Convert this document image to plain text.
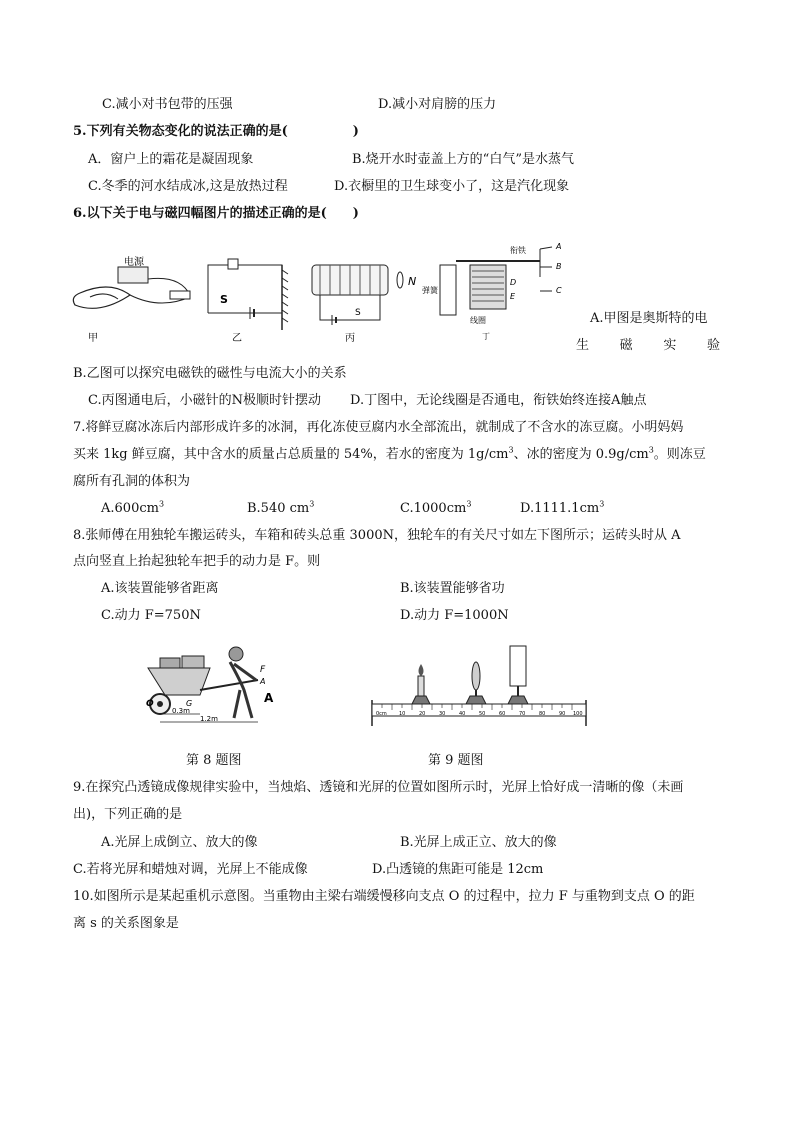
C.减小对书包带的压强	D.减小对肩膀的压力
5.下列有关物态变化的说法正确的是(　　　　　)
A．窗户上的霜花是凝固现象	B.烧开水时壶盖上方的“白气”是水蒸气
C.冬季的河水结成冰,这是放热过程	D.衣橱里的卫生球变小了，这是汽化现象
6.以下关于电与磁四幅图片的描述正确的是(　　)
电源
甲
S
乙
S
N
丙
衔铁
弹簧
线圈
A
B
C
D
E
丁
A.甲图是奥斯特的电
生 磁 实 验
B.乙图可以探究电磁铁的磁性与电流大小的关系
C.丙图通电后，小磁针的N极顺时针摆动 D.丁图中，无论线圈是否通电，衔铁始终连接A触点
7.将鲜豆腐冰冻后内部形成许多的冰洞，再化冻使豆腐内水全部流出，就制成了不含水的冻豆腐。小明妈妈
买来 1kg 鲜豆腐，其中含水的质量占总质量的 54%，若水的密度为 $1g/cm^3$、冰的密度为 $0.9g/cm^3$。则冻豆
腐所有孔洞的体积为
$A.600cm^3$	B.540 $cm^3$	$C.1000cm^3$	$D.1111.1cm^3$
8.张师傅在用独轮车搬运砖头，车箱和砖头总重 3000N，独轮车的有关尺寸如左下图所示；运砖头时从 A
点向竖直上抬起独轮车把手的动力是 F。则
A.该装置能够省距离	B.该装置能够省功
C.动力 F=750N	D.动力 F=1000N
F
A
A
O	G
0.3m
1.2m
0cm 10	20	30	40	50	60	70	80	90 100
第 8 题图	第 9 题图
9.在探究凸透镜成像规律实验中，当烛焰、透镜和光屏的位置如图所示时，光屏上恰好成一清晰的像（未画
出)，下列正确的是
A.光屏上成倒立、放大的像	B.光屏上成正立、放大的像
C.若将光屏和蜡烛对调，光屏上不能成像	D.凸透镜的焦距可能是 12cm
10.如图所示是某起重机示意图。当重物由主梁右端缓慢移向支点 O 的过程中，拉力 F 与重物到支点 O 的距
离 s 的关系图象是
